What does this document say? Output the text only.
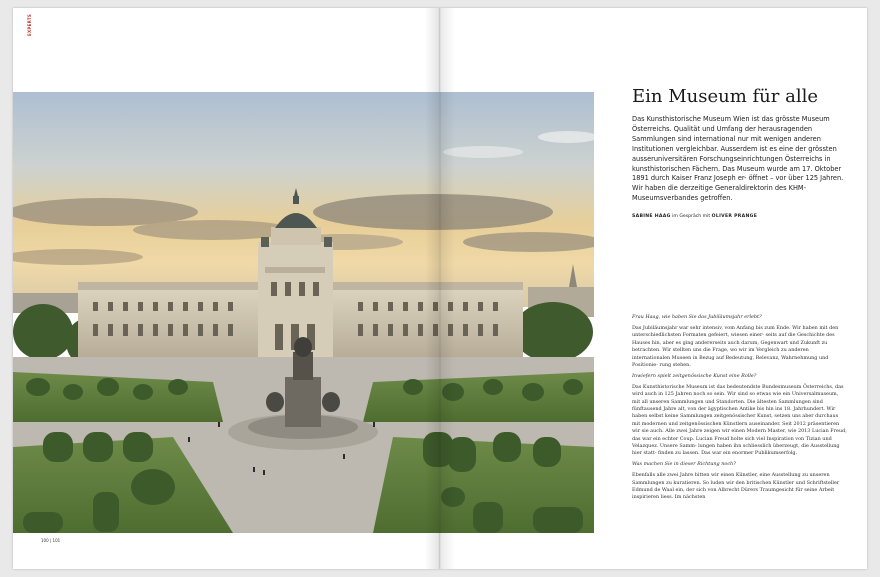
EXPERTS
100 | 101
Ein Museum für alle

Das Kunsthistorische Museum Wien ist das grösste Museum Österreichs. Qualität und Umfang der herausragenden Sammlungen sind international nur mit wenigen anderen Institutionen vergleichbar. Ausserdem ist es eine der grössten ausseruniversitären Forschungseinrichtungen Österreichs in kunsthistorischen Fächern. Das Museum wurde am 17. Oktober 1891 durch Kaiser Franz Joseph er- öffnet – vor über 125 Jahren. Wir haben die derzeitige Generaldirektorin des KHM-Museumsverbandes getroffen.

SABINE HAAG im Gespräch mit OLIVER PRANGE

Frau Haag, wie haben Sie das Jubiläumsjahr erlebt?

Das Jubiläumsjahr war sehr intensiv, vom Anfang bis zum Ende. Wir haben mit den unterschiedlichsten Formaten gefeiert, wiesen einer- seits auf die Geschichte des Hauses hin, aber es ging andererseits auch darum, Gegenwart und Zukunft zu betrachten. Wir stellten uns die Frage, wo wir im Vergleich zu anderen internationalen Museen in Bezug auf Bedeutung, Relevanz, Wahrnehmung und Positionie- rung stehen.

Inwiefern spielt zeitgenössische Kunst eine Rolle?

Das Kunsthistorische Museum ist das bedeutendste Bundesmuseum Österreichs, das wird auch in 125 Jahren noch so sein. Wir sind so etwas wie ein Universalmuseum, mit all unseren Sammlungen und Standorten. Die ältesten Sammlungen sind fünftausend Jahre alt, von der ägyptischen Antike bis hin ins 18. Jahrhundert. Wir haben selbst keine Sammlungen zeitgenössischer Kunst, setzen uns aber durchaus mit modernen und zeitgenössischen Künstlern auseinander. Seit 2012 präsentieren wir sie auch. Alle zwei Jahre zeigen wir einen Modern Master, wie 2013 Lucian Freud, das war ein echter Coup. Lucian Freud holte sich viel Inspiration von Tizian und Velazquez. Unsere Samm- lungen haben ihn schliesslich überzeugt, die Ausstellung hier statt- finden zu lassen. Das war ein enormer Publikumserfolg.

Was machen Sie in dieser Richtung noch?

Ebenfalls alle zwei Jahre bitten wir einen Künstler, eine Ausstellung zu unseren Sammlungen zu kuratieren. So luden wir den britischen Künstler und Schriftsteller Edmund de Waal ein, der sich von Albrecht Dürers Traumgesicht für seine Arbeit inspirieren liess. Im nächsten
